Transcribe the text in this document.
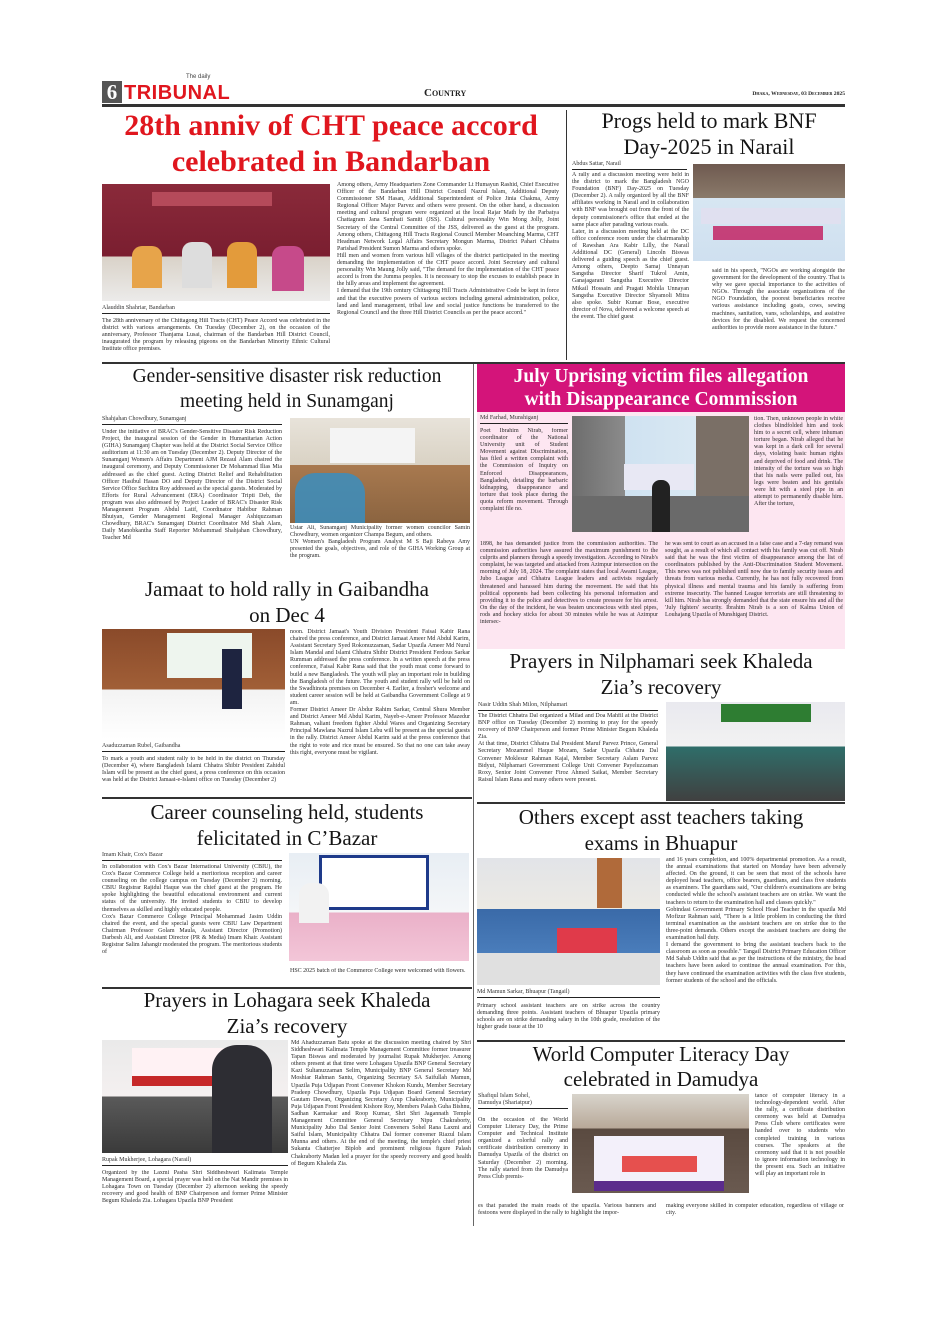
6
The daily
TRIBUNAL	Country	Dhaka, Wednesday, 03 December 2025
28th anniv of CHT peace accord
celebrated in Bandarban
Alauddin Shahriar, Bandarban

The 28th anniversary of the Chittagong Hill Tracts (CHT) Peace Accord was celebrated in the district with various arrangements. On Tuesday (December 2), on the occasion of the anniversary, Professor Thanjama Lusai, chairman of the Bandarban Hill District Council, inaugurated the program by releasing pigeons on the Bandarban Minority Ethnic Cultural Institute office premises.

Among others, Army Headquarters Zone Commander Lt Humayun Rashid, Chief Executive Officer of the Bandarban Hill District Council Nazrul Islam, Additional Deputy Commissioner SM Hasan, Additional Superintendent of Police Jinia Chakma, Army Regional Officer Major Parvez and others were present. On the other hand, a discussion meeting and cultural program were organized at the local Rajar Math by the Parbatya Chattagram Jana Samhati Samiti (JSS). Cultural personality Win Mong Jolly, Joint Secretary of the Central Committee of the JSS, delivered as the guest at the program. Among others, Chittagong Hill Tracts Regional Council Member Moanching Marma, CHT Headman Network Legal Affairs Secretary Mongun Marma, District Pahari Chhatra Parishad President Sumon Marma and others spoke.

Hill men and women from various hill villages of the district participated in the meeting demanding the implementation of the CHT peace accord. Joint Secretary and cultural personality Win Maung Jolly said, "The demand for the implementation of the CHT peace accord is from the Jumma peoples. It is necessary to stop the excuses to establish peace in the hilly areas and implement the agreement.

I demand that the 19th century Chittagong Hill Tracts Administrative Code be kept in force and that the executive powers of various sectors including general administration, police, land and land management, tribal law and social justice functions be transferred to the Regional Council and the three Hill District Councils as per the peace accord."

Progs held to mark BNF
Day-2025 in Narail
Abdus Sattar, Narail

A rally and a discussion meeting were held in the district to mark the Bangladesh NGO Foundation (BNF) Day-2025 on Tuesday (December 2). A rally organized by all the BNF affiliates working in Narail and in collaboration with BNF was brought out from the front of the deputy commissioner's office that ended at the same place after parading various roads.

Later, in a discussion meeting held at the DC office conference room under the chairmanship of Rawshan Ara Kabir Lilly, the Narail Additional DC (General) Lincoln Biswas delivered a guiding speech as the chief guest. Among others, Deepto Samaj Unnayan Sangstha Director Sharif Tukrol Amin, Ganajagarani Sangstha Executive Director Mikail Hossain and Pragati Mohila Unnayan Sangstha Executive Director Shyamoli Mitra also spoke. Subir Kumar Bose, executive director of Nova, delivered a welcome speech at the event. The chief guest

said in his speech, "NGOs are working alongside the government for the development of the country. That is why we gave special importance to the activities of NGOs. Through the associate organizations of the NGO Foundation, the poorest beneficiaries receive various assistance including goats, cows, sewing machines, sanitation, vans, scholarships, and assistive devices for the disabled. We request the concerned authorities to provide more assistance in the future."

Gender-sensitive disaster risk reduction
meeting held in Sunamganj
Shahjahan Chowdhury, Sunamganj

Under the initiative of BRAC's Gender-Sensitive Disaster Risk Reduction Project, the inaugural session of the Gender in Humanitarian Action (GIHA) Sunamganj Chapter was held at the District Social Service Office auditorium at 11:30 am on Tuesday (December 2). Deputy Director of the Sunamganj Women's Affairs Department AJM Rezaul Alam chaired the inaugural ceremony, and Deputy Commissioner Dr Mohammad Ilias Mia addressed as the chief guest. Acting District Relief and Rehabilitation Officer Hasibul Hasan DO and Deputy Director of the District Social Service Office Suchitra Roy addressed as the special guests. Moderated by Efforts for Rural Advancement (ERA) Coordinator Tripti Deb, the program was also addressed by Project Leader of BRAC's Disaster Risk Management Program Abdul Latif, Coordinator Habibur Rahman Bhuiyan, Gender Management Regional Manager Ashiquzzaman Chowdhury, BRAC's Sunamganj District Coordinator Md Shah Alam, Daily Manobkantha Staff Reporter Mohammad Shahjahan Chowdhury, Teacher Md

Ustar Ali, Sunamganj Municipality former women councilor Samin Chowdhury, women organizer Champa Begum, and others.

UN Women's Bangladesh Program Analyst M S Baji Rabeya Amy presented the goals, objectives, and role of the GIHA Working Group at the program.

July Uprising victim files allegation
with Disappearance Commission
Md Farhad, Munshiganj

Poet Ibrahim Nirab, former coordinator of the National University unit of Student Movement against Discrimination, has filed a written complaint with the Commission of Inquiry on Enforced Disappearances, Bangladesh, detailing the barbaric kidnapping, disappearance and torture that took place during the quota reform movement. Through complaint file no.

1898, he has demanded justice from the commission authorities. The commission authorities have assured the maximum punishment to the culprits and planners through a speedy investigation. According to Nirab's complaint, he was targeted and attacked from Azimpur intersection on the morning of July 18, 2024. The complaint states that local Awami League, Jubo League and Chhatra League leaders and activists regularly threatened and harassed him during the movement. He said that his political opponents had been collecting his personal information and providing it to the police and detectives to create pressure for his arrest. On the day of the incident, he was beaten unconscious with steel pipes, rods and hockey sticks for about 30 minutes while he was at Azimpur intersec-

tion. Then, unknown people in white clothes blindfolded him and took him to a secret cell, where inhuman torture began. Nirab alleged that he was kept in a dark cell for several days, violating basic human rights and deprived of food and drink. The intensity of the torture was so high that his nails were pulled out, his legs were beaten and his genitals were hit with a steel pipe in an attempt to permanently disable him. After the torture,

he was sent to court as an accused in a false case and a 7-day remand was sought, as a result of which all contact with his family was cut off. Nirab said that he was the first victim of disappearance among the list of coordinators published by the Anti-Discrimination Student Movement. This news was not published until now due to family security issues and threats from various media. Currently, he has not fully recovered from physical illness and mental trauma and his family is suffering from extreme insecurity. The banned League terrorists are still threatening to kill him. Nirab has strongly demanded that the state ensure his and all the 'July fighters' security. Ibrahim Nirab is a son of Kalma Union of Louhajang Upazila of Munshiganj District.

Jamaat to hold rally in Gaibandha
on Dec 4
Asaduzzaman Rubel, Gaibandha

To mark a youth and student rally to be held in the district on Thursday (December 4), where Bangladesh Islami Chhatra Shibir President Zahidul Islam will be present as the chief guest, a press conference on this occasion was held at the District Jamaat-e-Islami office on Tuesday (December 2)

noon. District Jamaat's Youth Division President Faisal Kabir Rana chaired the press conference, and District Jamaat Ameer Md Abdul Karim, Assistant Secretary Syed Rokonuzzaman, Sadar Upazila Ameer Md Nurul Islam Mandal and Islami Chhatra Shibir District President Ferdous Sarkar Rumman addressed the press conference. In a written speech at the press conference, Faisal Kabir Rana said that the youth must come forward to build a new Bangladesh. The youth will play an important role in building the Bangladesh of the future. The youth and student rally will be held on the Swadhinota premises on December 4. Earlier, a fresher's welcome and student career session will be held at Gaibandha Government College at 9 am.

Former District Ameer Dr Abdur Rahim Sarkar, Central Shura Member and District Ameer Md Abdul Karim, Nayeb-e-Ameer Professor Mazedur Rahman, valiant freedom fighter Abdul Wares and Organizing Secretary Principal Mawlana Nazrul Islam Lebu will be present as the special guests in the rally. District Ameer Abdul Karim said at the press conference that the right to vote and rice must be ensured. So that no one can take away this right, everyone must be vigilant.

Prayers in Nilphamari seek Khaleda
Zia’s recovery
Nasir Uddin Shah Milon, Nilphamari

The District Chhatra Dal organized a Milad and Doa Mahfil at the District BNP office on Tuesday (December 2) morning to pray for the speedy recovery of BNP Chairperson and former Prime Minister Begum Khaleda Zia.

At that time, District Chhatra Dal President Maruf Parvez Prince, General Secretary Mozammel Haque Mozam, Sadar Upazila Chhatra Dal Convener Moklesur Rahman Kajal, Member Secretary Aslam Parvez Bidyut, Nilphamari Government College Unit Convener Payeluzzaman Roxy, Senior Joint Convener Firoz Ahmed Saikat, Member Secretary Raisul Islam Rana and many others were present.

Career counseling held, students
felicitated in C’Bazar
Imam Khair, Cox's Bazar

In collaboration with Cox's Bazar International University (CBIU), the Cox's Bazar Commerce College held a meritorious reception and career counseling on the college campus on Tuesday (December 2) morning. CBIU Registrar Rajidul Haque was the chief guest at the program. He spoke highlighting the beautiful educational environment and current status of the university. He invited students to CBIU to develop themselves as skilled and highly educated people.

Cox's Bazar Commerce College Principal Mohammad Jasim Uddin chaired the event, and the special guests were CBIU Law Department Chairman Professor Golam Maula, Assistant Director (Promotion) Darbesh Ali, and Assistant Director (PR & Media) Imam Khair. Assistant Registrar Salim Jahangir moderated the program. The meritorious students of

HSC 2025 batch of the Commerce College were welcomed with flowers.

Others except asst teachers taking
exams in Bhuapur
Md Mamun Sarkar, Bhuapur (Tangail)

Primary school assistant teachers are on strike across the country demanding three points. Assistant teachers of Bhuapur Upazila primary schools are on strike demanding salary in the 10th grade, resolution of the higher grade issue at the 10

and 16 years completion, and 100% departmental promotion. As a result, the annual examinations that started on Monday have been adversely affected. On the ground, it can be seen that most of the schools have deployed head teachers, office bearers, guardians, and class five students as examiners. The guardians said, "Our children's examinations are being conducted while the school's assistant teachers are on strike. We want the teachers to return to the examination hall and classes quickly."

Gobindasi Government Primary School Head Teacher in the upazila Md Mofizur Rahman said, "There is a little problem in conducting the third terminal examination as the assistant teachers are on strike due to the three-point demands. Others except the assistant teachers are doing the examination hall duty.

I demand the government to bring the assistant teachers back to the classroom as soon as possible." Tangail District Primary Education Officer Md Sahab Uddin said that as per the instructions of the ministry, the head teachers have been asked to continue the annual examination. For this, they have continued the examination activities with the class five students, former students of the school and the officials.

Prayers in Lohagara seek Khaleda
Zia’s recovery
Rupak Mukherjee, Lohagara (Narail)

Organized by the Laxmi Pasha Shri Siddheshwari Kalimata Temple Management Board, a special prayer was held on the Nat Mandir premises in Lohagara Town on Tuesday (December 2) afternoon seeking the speedy recovery and good health of BNP Chairperson and former Prime Minister Begum Khaleda Zia. Lohagara Upazila BNP President

Md Ahaduzzaman Batu spoke at the discussion meeting chaired by Shri Siddheshwari Kalimata Temple Management Committee former treasurer Tapan Biswas and moderated by journalist Rupak Mukherjee. Among others present at that time were Lohagara Upazila BNP General Secretary Kazi Sultanuzzaman Selim, Municipality BNP General Secretary Md Moshiar Rahman Santu, Organizing Secretary SA Saifullah Mamun, Upazila Puja Udjapan Front Convener Khokon Kundu, Member Secretary Pradeep Chowdhury, Upazila Puja Udjapan Board General Secretary Gautam Dewan, Organizing Secretary Arup Chakraborty, Municipality Puja Udjapan Front President Kishore Roy, Members Palash Guha Bishnu, Sadhan Karmakar and Roop Kumar, Shri Shri Jagannath Temple Management Committee General Secretary Nipu Chakraborty, Municipality Jubo Dal Senior Joint Conveners Sohel Rana Laxmi and Saiful Islam, Municipality Chhatra Dal former convener Riazul Islam Munna and others. At the end of the meeting, the temple's chief priest Sukanta Chatterjee Biplob and prominent religious figure Palash Chakraborty Madan led a prayer for the speedy recovery and good health of Begum Khaleda Zia.

World Computer Literacy Day
celebrated in Damudya
Shafiqul Islam Sohel,
Damudya (Shariatpur)

On the occasion of the World Computer Literacy Day, the Prime Computer and Technical Institute organized a colorful rally and certificate distribution ceremony in Damudya Upazila of the district on Saturday (December 2) morning. The rally started from the Damudya Press Club premis-

tance of computer literacy in a technology-dependent world. After the rally, a certificate distribution ceremony was held at Damudya Press Club where certificates were handed over to students who completed training in various courses. The speakers at the ceremony said that it is not possible to ignore information technology in the present era. Such an initiative will play an important role in

es that paraded the main roads of the upazila. Various banners and festoons were displayed in the rally to highlight the impor-

making everyone skilled in computer education, regardless of village or city.
